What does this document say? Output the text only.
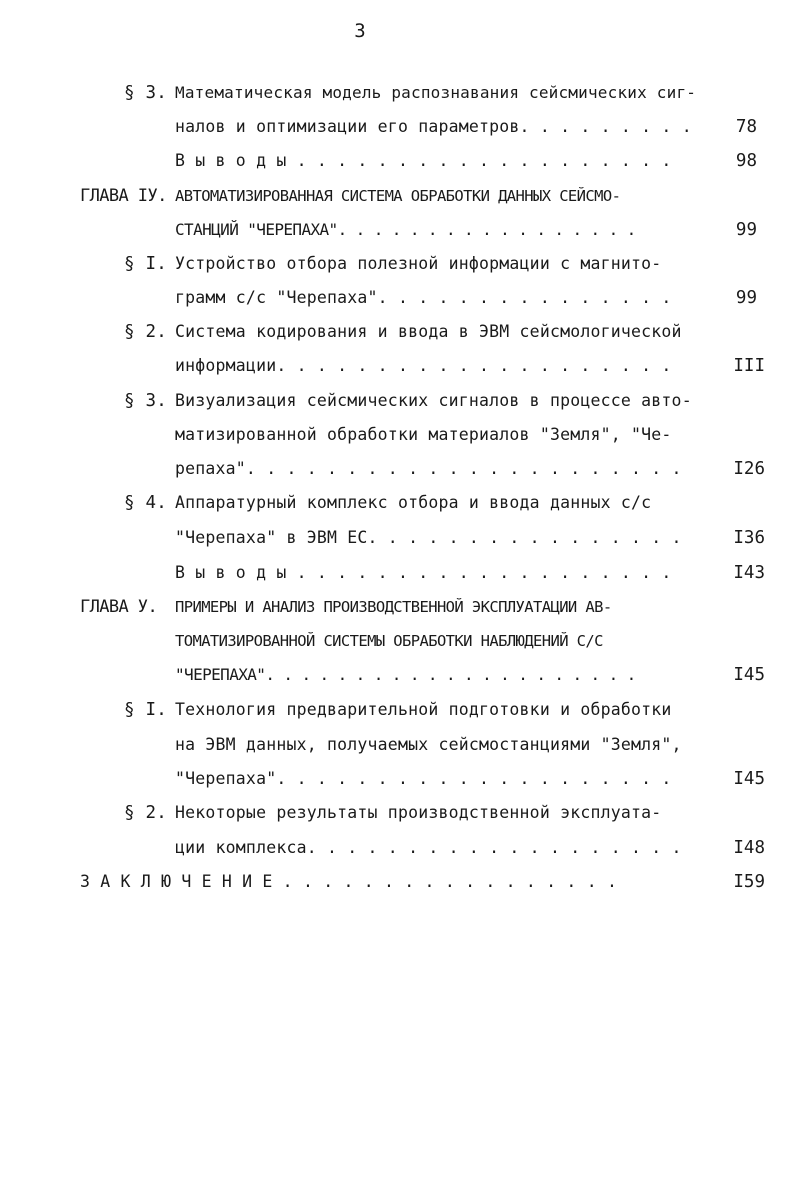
3
§ 3. Математическая модель распознавания сейсмических сиг-
налов и оптимизации его параметров. . . . . . . . .	78
В ы в о д ы . . . . . . . . . . . . . . . . . . .	98
ГЛАВА IУ. АВТОМАТИЗИРОВАННАЯ СИСТЕМА ОБРАБОТКИ ДАННЫХ СЕЙСМО-
СТАНЦИЙ "ЧЕРЕПАХА". . . . . . . . . . . . . . . . .	99
§ I. Устройство отбора полезной информации с магнито-
грамм с/с "Черепаха". . . . . . . . . . . . . . .	99
§ 2. Система кодирования и ввода в ЭВМ сейсмологической
информации. . . . . . . . . . . . . . . . . . . .	III
§ 3. Визуализация сейсмических сигналов в процессе авто-
матизированной обработки материалов "Земля", "Че-
репаха". . . . . . . . . . . . . . . . . . . . . .	I26
§ 4. Аппаратурный комплекс отбора и ввода данных с/с
"Черепаха" в ЭВМ ЕС. . . . . . . . . . . . . . . .	I36
В ы в о д ы . . . . . . . . . . . . . . . . . . .	I43
ГЛАВА У. ПРИМЕРЫ И АНАЛИЗ ПРОИЗВОДСТВЕННОЙ ЭКСПЛУАТАЦИИ АВ-
ТОМАТИЗИРОВАННОЙ СИСТЕМЫ ОБРАБОТКИ НАБЛЮДЕНИЙ С/С
"ЧЕРЕПАХА". . . . . . . . . . . . . . . . . . . . .	I45
§ I. Технология предварительной подготовки и обработки
на ЭВМ данных, получаемых сейсмостанциями "Земля",
"Черепаха". . . . . . . . . . . . . . . . . . . .	I45
§ 2. Некоторые результаты производственной эксплуата-
ции комплекса. . . . . . . . . . . . . . . . . . .	I48
З А К Л Ю Ч Е Н И Е . . . . . . . . . . . . . . . . .	I59
